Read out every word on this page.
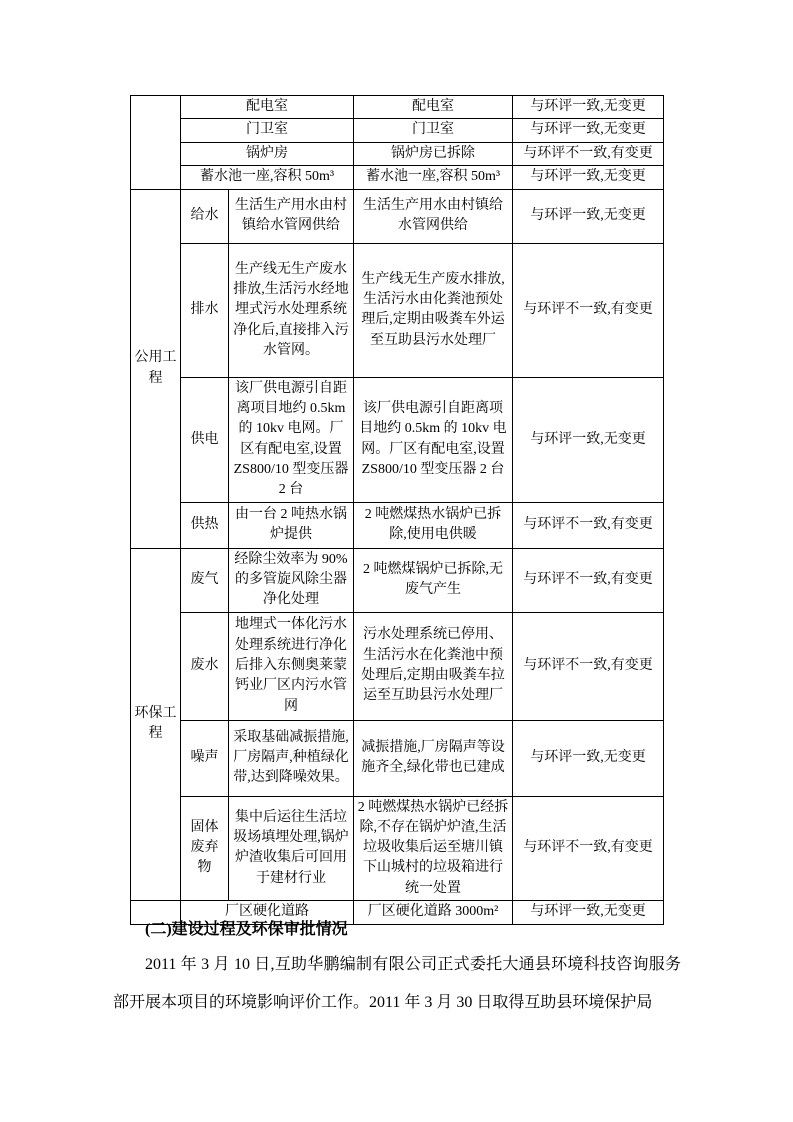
	配电室		配电室	与环评一致,无变更
	门卫室		门卫室	与环评一致,无变更
	锅炉房		锅炉房已拆除	与环评不一致,有变更
	蓄水池一座,容积 50m³		蓄水池一座,容积 50m³	与环评一致,无变更
公用工程	给水	生活生产用水由村镇给水管网供给	生活生产用水由村镇给水管网供给	与环评一致,无变更
	排水	生产线无生产废水排放,生活污水经地埋式污水处理系统净化后,直接排入污水管网。	生产线无生产废水排放,生活污水由化粪池预处理后,定期由吸粪车外运至互助县污水处理厂	与环评不一致,有变更
	供电	该厂供电源引自距离项目地约 0.5km 的 10kv 电网。厂区有配电室,设置 ZS800/10 型变压器 2 台	该厂供电源引自距离项目地约 0.5km 的 10kv 电网。厂区有配电室,设置 ZS800/10 型变压器 2 台	与环评一致,无变更
	供热	由一台 2 吨热水锅炉提供	2 吨燃煤热水锅炉已拆除,使用电供暖	与环评不一致,有变更
环保工程	废气	经除尘效率为 90%的多管旋风除尘器净化处理	2 吨燃煤锅炉已拆除,无废气产生	与环评不一致,有变更
	废水	地埋式一体化污水处理系统进行净化后排入东侧奥莱蒙钙业厂区内污水管网	污水处理系统已停用、生活污水在化粪池中预处理后,定期由吸粪车拉运至互助县污水处理厂	与环评不一致,有变更
	噪声	采取基础减振措施,厂房隔声,种植绿化带,达到降噪效果。	减振措施,厂房隔声等设施齐全,绿化带也已建成	与环评一致,无变更
	固体废弃物	集中后运往生活垃圾场填埋处理,锅炉炉渣收集后可回用于建材行业	2 吨燃煤热水锅炉已经拆除,不存在锅炉炉渣,生活垃圾收集后运至塘川镇下山城村的垃圾箱进行统一处置	与环评不一致,有变更
	厂区硬化道路		厂区硬化道路 3000m²	与环评一致,无变更
(二)建设过程及环保审批情况
2011 年 3 月 10 日,互助华鹏编制有限公司正式委托大通县环境科技咨询服务部开展本项目的环境影响评价工作。2011 年 3 月 30 日取得互助县环境保护局
